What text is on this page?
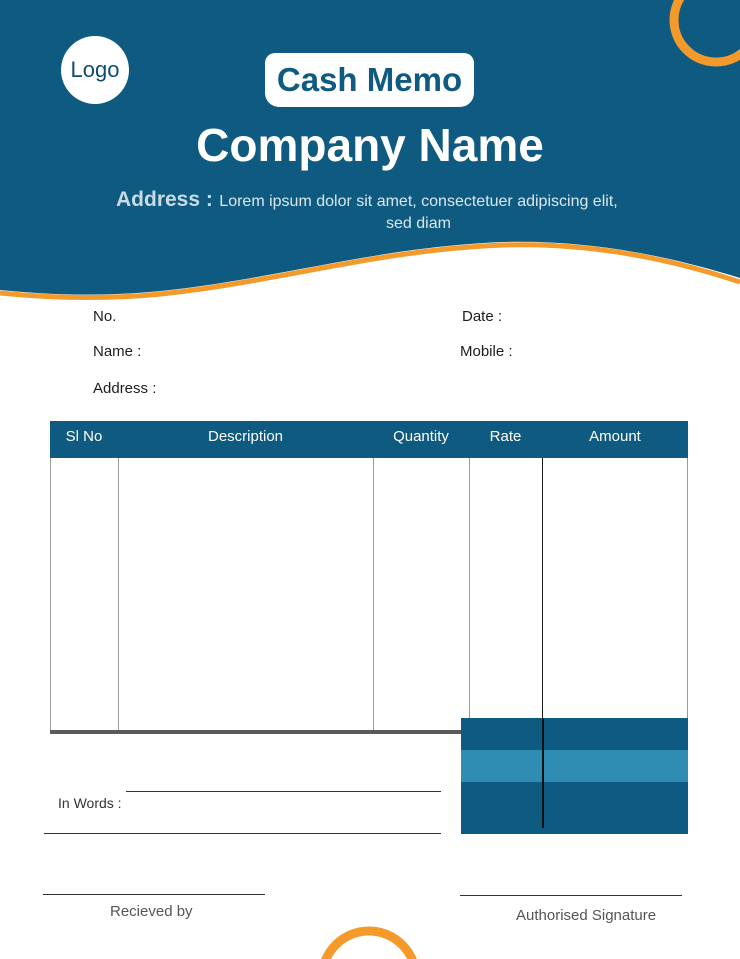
Logo	Cash Memo
Company Name
Address : Lorem ipsum dolor sit amet, consectetuer adipiscing elit, sed diam
No.	Date :
Name :	Mobile :
Address :
Sl No	Description	Quantity	Rate	Amount
In Words :
Recieved by	Authorised Signature
